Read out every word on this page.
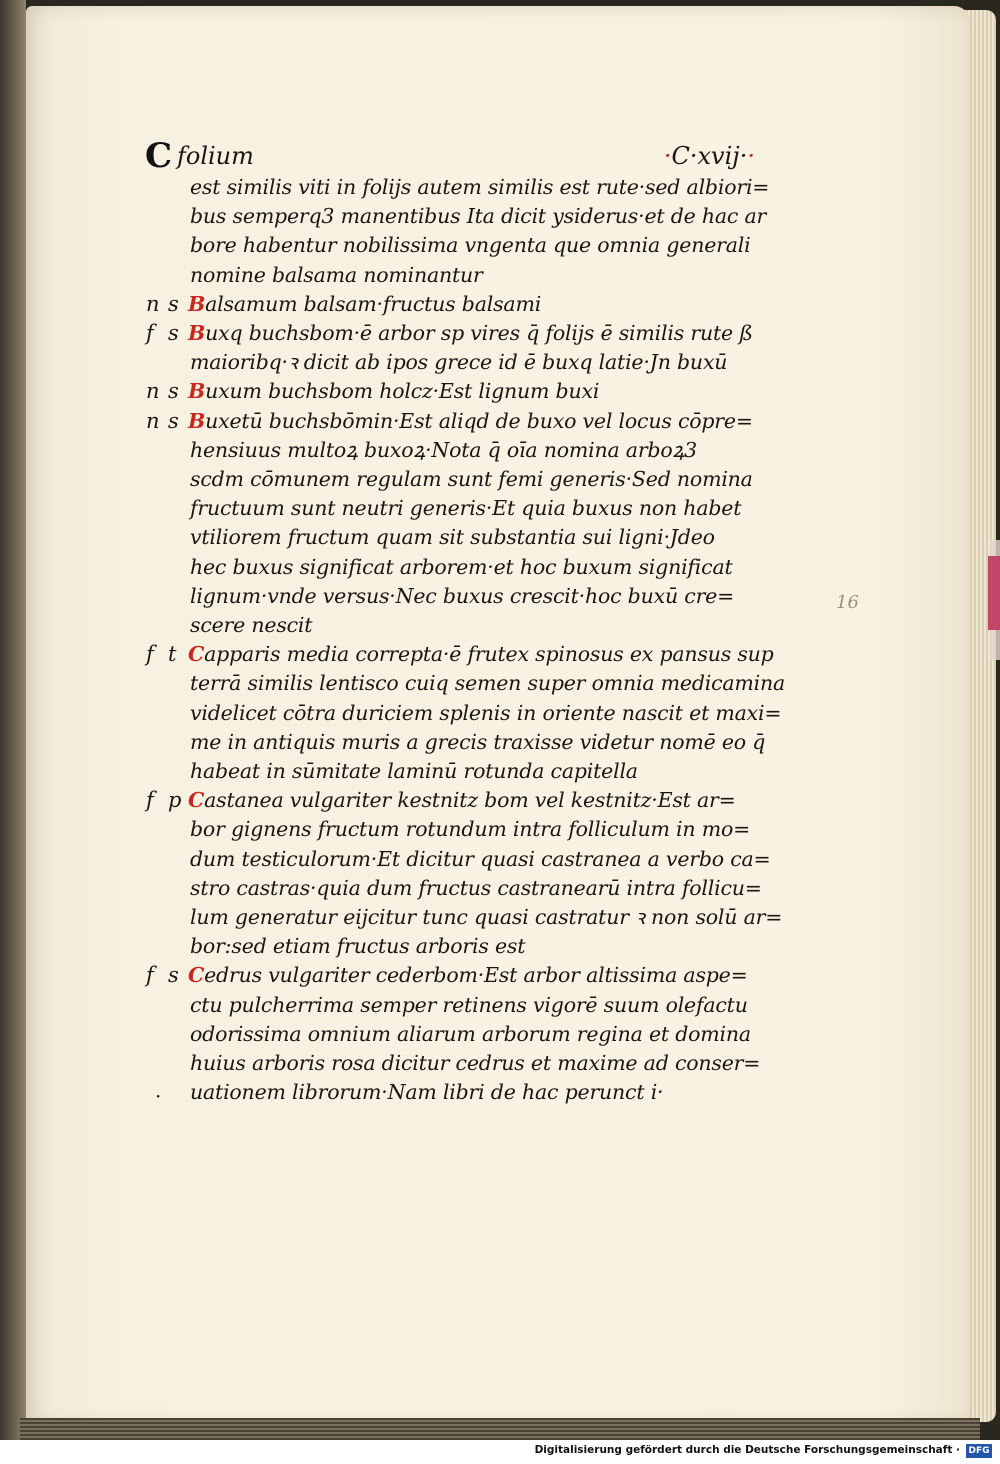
C folium	·C·xvij··
est similis viti in folijs autem similis est rute·sed albiori=
bus semperq3 manentibus Ita dicit ysiderus·et de hac ar
bore habentur nobilissima vngenta que omnia generali
nomine balsama nominantur
n s Balsamum balsam·fructus balsami
f s Buxq buchsbom·ē arbor sp vires q̄ folijs ē similis rute ß
maioribq·ꝛ dicit ab ipos grece id ē buxq latie·Jn buxū
n s Buxum buchsbom holcz·Est lignum buxi
n s Buxetū buchsbōmin·Est aliqd de buxo vel locus cōpre=
hensiuus multoꝝ buxoꝝ·Nota q̄ oīa nomina arboꝝ3
scdm cōmunem regulam sunt femi generis·Sed nomina
fructuum sunt neutri generis·Et quia buxus non habet
vtiliorem fructum quam sit substantia sui ligni·Jdeo
hec buxus significat arborem·et hoc buxum significat
lignum·vnde versus·Nec buxus crescit·hoc buxū cre=
scere nescit
f t Capparis media correpta·ē frutex spinosus ex pansus sup
terrā similis lentisco cuiq semen super omnia medicamina
videlicet cōtra duriciem splenis in oriente nascit et maxi=
me in antiquis muris a grecis traxisse videtur nomē eo q̄
habeat in sūmitate laminū rotunda capitella
f p Castanea vulgariter kestnitz bom vel kestnitz·Est ar=
bor gignens fructum rotundum intra folliculum in mo=
dum testiculorum·Et dicitur quasi castranea a verbo ca=
stro castras·quia dum fructus castranearū intra follicu=
lum generatur eijcitur tunc quasi castratur ꝛ non solū ar=
bor:sed etiam fructus arboris est
f s Cedrus vulgariter cederbom·Est arbor altissima aspe=
ctu pulcherrima semper retinens vigorē suum olefactu
odorissima omnium aliarum arborum regina et domina
huius arboris rosa dicitur cedrus et maxime ad conser=
uationem librorum·Nam libri de hac perunct i·
·
16
Digitalisierung gefördert durch die Deutsche Forschungsgemeinschaft · DFG
